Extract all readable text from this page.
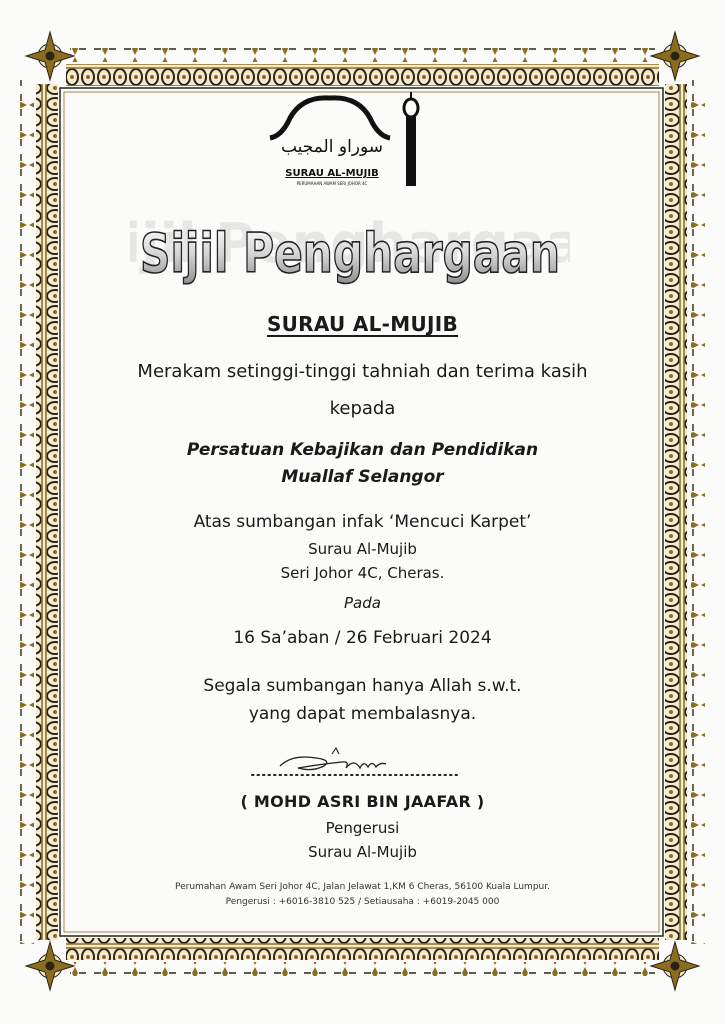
سوراو المجيب
SURAU AL-MUJIB
PERUMAHAN AWAM SERI JOHOR 4C
ijil Penghargaa
Sijil Penghargaan
SURAU AL-MUJIB
Merakam setinggi-tinggi tahniah dan terima kasih
kepada
Persatuan Kebajikan dan Pendidikan
Muallaf Selangor
Atas sumbangan infak ‘Mencuci Karpet’
Surau Al-Mujib
Seri Johor 4C, Cheras.
Pada
16 Sa’aban / 26 Februari 2024
Segala sumbangan hanya Allah s.w.t.
yang dapat membalasnya.
( MOHD ASRI BIN JAAFAR )
Pengerusi
Surau Al-Mujib
Perumahan Awam Seri Johor 4C, Jalan Jelawat 1,KM 6 Cheras, 56100 Kuala Lumpur.
Pengerusi : +6016-3810 525 / Setiausaha : +6019-2045 000
